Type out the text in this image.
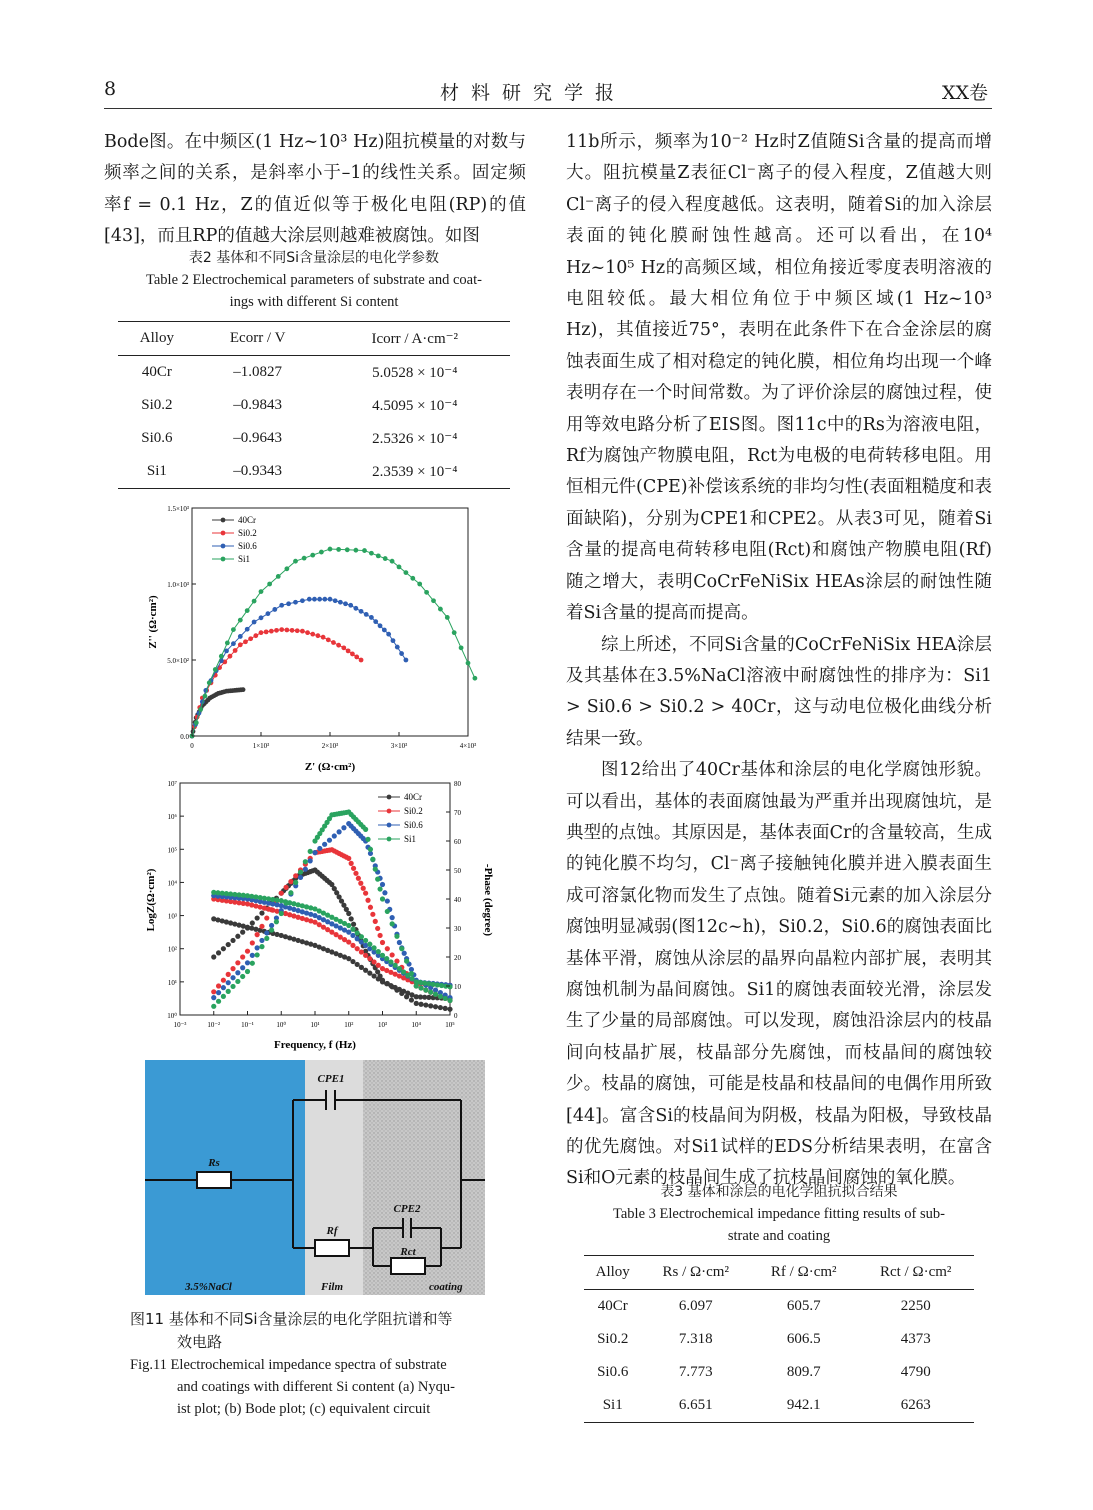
8	材料研究学报	XX卷
Bode图。在中频区(1 Hz~10³ Hz)阻抗模量的对数与频率之间的关系，是斜率小于–1的线性关系。固定频率f = 0.1 Hz，Z的值近似等于极化电阻(RP)的值[43]，而且RP的值越大涂层则越难被腐蚀。如图
表2 基体和不同Si含量涂层的电化学参数
Table 2 Electrochemical parameters of substrate and coat-
ings with different Si content
Alloy	Ecorr / V	Icorr / A·cm⁻²
40Cr	–1.0827	5.0528 × 10⁻⁴
Si0.2	–0.9843	4.5095 × 10⁻⁴
Si0.6	–0.9643	2.5326 × 10⁻⁴
Si1	–0.9343	2.3539 × 10⁻⁴
0	1×10³	2×10³	3×10³	4×10³
0.0
5.0×10²
1.0×10³
1.5×10³
Z' (Ω·cm²)
Z'' (Ω·cm²)
40Cr
Si0.2
Si0.6
Si1
10⁻³	10⁻²	10⁻¹	10⁰	10¹	10²	10³	10⁴	10⁵
10⁰
10¹
10²
10³
10⁴
10⁵
10⁶
10⁷
0
10
20
30
40
50
60
70
80
Frequency, f (Hz)
LogZ(Ω·cm²)	-Phase (degree)
40Cr
Si0.2
Si0.6
Si1
Rs
CPE1
Rf
CPE2
Rct
3.5%NaCl	Film	coating
图11 基体和不同Si含量涂层的电化学阻抗谱和等
效电路
Fig.11 Electrochemical impedance spectra of substrate
and coatings with different Si content (a) Nyqu-
ist plot; (b) Bode plot; (c) equivalent circuit
11b所示，频率为10⁻² Hz时Z值随Si含量的提高而增大。阻抗模量Z表征Cl⁻离子的侵入程度，Z值越大则Cl⁻离子的侵入程度越低。这表明，随着Si的加入涂层表面的钝化膜耐蚀性越高。还可以看出，在10⁴ Hz~10⁵ Hz的高频区域，相位角接近零度表明溶液的电阻较低。最大相位角位于中频区域(1 Hz~10³ Hz)，其值接近75°，表明在此条件下在合金涂层的腐蚀表面生成了相对稳定的钝化膜，相位角均出现一个峰表明存在一个时间常数。为了评价涂层的腐蚀过程，使用等效电路分析了EIS图。图11c中的Rs为溶液电阻，Rf为腐蚀产物膜电阻，Rct为电极的电荷转移电阻。用恒相元件(CPE)补偿该系统的非均匀性(表面粗糙度和表面缺陷)，分别为CPE1和CPE2。从表3可见，随着Si含量的提高电荷转移电阻(Rct)和腐蚀产物膜电阻(Rf)随之增大，表明CoCrFeNiSix HEAs涂层的耐蚀性随着Si含量的提高而提高。
综上所述，不同Si含量的CoCrFeNiSix HEA涂层及其基体在3.5%NaCl溶液中耐腐蚀性的排序为：Si1 > Si0.6 > Si0.2 > 40Cr，这与动电位极化曲线分析结果一致。
图12给出了40Cr基体和涂层的电化学腐蚀形貌。可以看出，基体的表面腐蚀最为严重并出现腐蚀坑，是典型的点蚀。其原因是，基体表面Cr的含量较高，生成的钝化膜不均匀，Cl⁻离子接触钝化膜并进入膜表面生成可溶氯化物而发生了点蚀。随着Si元素的加入涂层分腐蚀明显减弱(图12c~h)，Si0.2，Si0.6的腐蚀表面比基体平滑，腐蚀从涂层的晶界向晶粒内部扩展，表明其腐蚀机制为晶间腐蚀。Si1的腐蚀表面较光滑，涂层发生了少量的局部腐蚀。可以发现，腐蚀沿涂层内的枝晶间向枝晶扩展，枝晶部分先腐蚀，而枝晶间的腐蚀较少。枝晶的腐蚀，可能是枝晶和枝晶间的电偶作用所致[44]。富含Si的枝晶间为阴极，枝晶为阳极，导致枝晶的优先腐蚀。对Si1试样的EDS分析结果表明，在富含Si和O元素的枝晶间生成了抗枝晶间腐蚀的氧化膜。
表3 基体和涂层的电化学阻抗拟合结果
Table 3 Electrochemical impedance fitting results of sub-
strate and coating
Alloy	Rs / Ω·cm²	Rf / Ω·cm²	Rct / Ω·cm²
40Cr	6.097	605.7	2250
Si0.2	7.318	606.5	4373
Si0.6	7.773	809.7	4790
Si1	6.651	942.1	6263
